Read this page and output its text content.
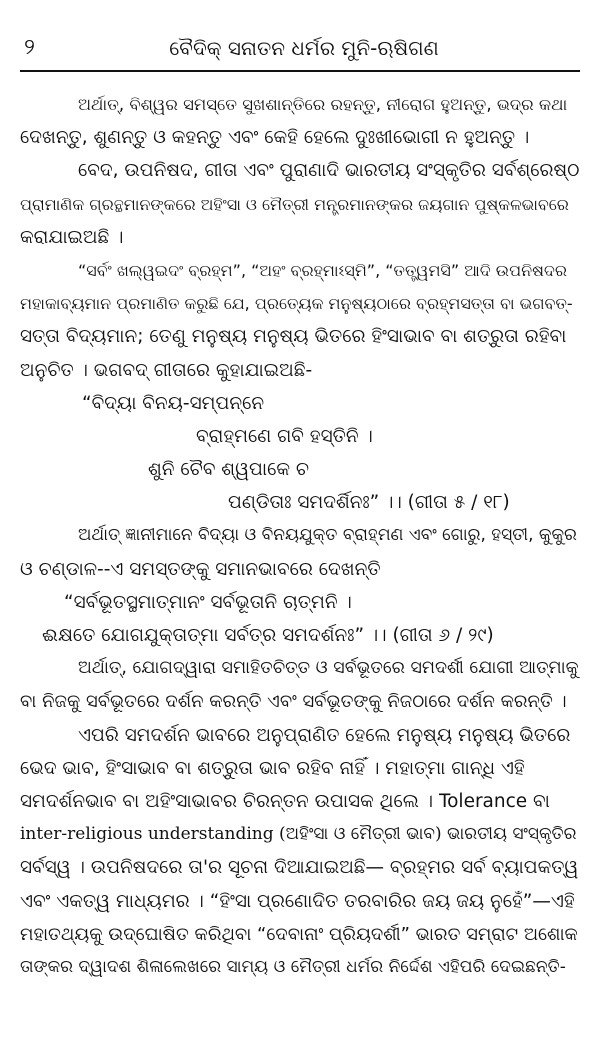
୨	ବୈଦିକ୍ ସନାତନ ଧର୍ମର ମୁନି-ଋଷିଗଣ
ଅର୍ଥାତ୍, ବିଶ୍ୱର ସମସ୍ତେ ସୁଖଶାନ୍ତିରେ ରହନ୍ତୁ, ନୀରୋଗ ହୁଅନ୍ତୁ, ଭଦ୍ର କଥା
ଦେଖନ୍ତୁ, ଶୁଣନ୍ତୁ ଓ କହନ୍ତୁ ଏବଂ କେହି ହେଲେ ଦୁଃଖୀଭୋଗୀ ନ ହୁଅନ୍ତୁ ।
ବେଦ, ଉପନିଷଦ, ଗୀତା ଏବଂ ପୁରାଣାଦି ଭାରତୀୟ ସଂସ୍କୃତିର ସର୍ବଶ୍ରେଷ୍ଠ
ପ୍ରାମାଣିକ ଗ୍ରନ୍ଥମାନଙ୍କରେ ଅହିଂସା ଓ ମୈତ୍ରୀ ମନ୍ତ୍ରମାନଙ୍କର ଜୟଗାନ ପୁଷ୍କଳଭାବରେ
କରାଯାଇଅଛି ।
“ସର୍ବଂ ଖଲ୍ୱଇଦଂ ବ୍ରହ୍ମ”, “ଅହଂ ବ୍ରହ୍ମାଽସ୍ମି”, “ତତ୍ତ୍ୱମସି” ଆଦି ଉପନିଷଦର
ମହାକାବ୍ୟମାନ ପ୍ରମାଣିତ କରୁଛି ଯେ, ପ୍ରତ୍ୟେକ ମନୁଷ୍ୟଠାରେ ବ୍ରହ୍ମସତ୍ତା ବା ଭଗବତ୍-
ସତ୍ତା ବିଦ୍ୟମାନ; ତେଣୁ ମନୁଷ୍ୟ ମନୁଷ୍ୟ ଭିତରେ ହିଂସାଭାବ ବା ଶତ୍ରୁତା ରହିବା
ଅନୁଚିତ । ଭଗବଦ୍ ଗୀତାରେ କୁହାଯାଇଅଛି-
“ବିଦ୍ୟା ବିନୟ-ସମ୍ପନ୍ନେ
ବ୍ରାହ୍ମଣେ ଗବି ହସ୍ତିନି ।
ଶୁନି ଚୈବ ଶ୍ୱପାକେ ଚ
ପଣ୍ଡିତାଃ ସମଦର୍ଶିନଃ” ।। (ଗୀତା ୫ / ୧୮)
ଅର୍ଥାତ୍ ଜ୍ଞାନୀମାନେ ବିଦ୍ୟା ଓ ବିନୟଯୁକ୍ତ ବ୍ରାହ୍ମଣ ଏବଂ ଗୋରୁ, ହସ୍ତୀ, କୁକୁର
ଓ ଚଣ୍ଡାଳ--ଏ ସମସ୍ତଙ୍କୁ ସମାନଭାବରେ ଦେଖନ୍ତି
“ସର୍ବଭୂତସ୍ଥମାତ୍ମାନଂ ସର୍ବଭୂତାନି ଚାତ୍ମନି ।
ଈକ୍ଷତେ ଯୋଗଯୁକ୍ତାତ୍ମା ସର୍ବତ୍ର ସମଦର୍ଶନଃ” ।। (ଗୀତା ୬ / ୨୯)
ଅର୍ଥାତ୍, ଯୋଗଦ୍ୱାରା ସମାହିତଚିତ୍ତ ଓ ସର୍ବଭୂତରେ ସମଦର୍ଶୀ ଯୋଗୀ ଆତ୍ମାକୁ
ବା ନିଜକୁ ସର୍ବଭୂତରେ ଦର୍ଶନ କରନ୍ତି ଏବଂ ସର୍ବଭୂତଙ୍କୁ ନିଜଠାରେ ଦର୍ଶନ କରନ୍ତି ।
ଏପରି ସମଦର୍ଶନ ଭାବରେ ଅନୁପ୍ରାଣିତ ହେଲେ ମନୁଷ୍ୟ ମନୁଷ୍ୟ ଭିତରେ
ଭେଦ ଭାବ, ହିଂସାଭାବ ବା ଶତ୍ରୁତା ଭାବ ରହିବ ନାହିଁ । ମହାତ୍ମା ଗାନ୍ଧି ଏହି
ସମଦର୍ଶନଭାବ ବା ଅହିଂସାଭାବର ଚିରନ୍ତନ ଉପାସକ ଥିଲେ । Tolerance ବା
inter-religious understanding (ଅହିଂସା ଓ ମୈତ୍ରୀ ଭାବ) ଭାରତୀୟ ସଂସ୍କୃତିର
ସର୍ବସ୍ୱ । ଉପନିଷଦରେ ତା'ର ସୂଚନା ଦିଆଯାଇଅଛି— ବ୍ରହ୍ମର ସର୍ବ ବ୍ୟାପକତ୍ୱ
ଏବଂ ଏକତ୍ୱ ମାଧ୍ୟମର । “ହିଂସା ପ୍ରଣୋଦିତ ତରବାରିର ଜୟ ଜୟ ନୁହେଁ”—ଏହି
ମହାତଥ୍ୟକୁ ଉଦ୍‌ଘୋଷିତ କରିଥିବା “ଦେବାନାଂ ପ୍ରିୟଦର୍ଶୀ” ଭାରତ ସମ୍ରାଟ ଅଶୋକ
ତାଙ୍କର ଦ୍ୱାଦଶ ଶିଳାଲେଖରେ ସାମ୍ୟ ଓ ମୈତ୍ରୀ ଧର୍ମର ନିର୍ଦ୍ଦେଶ ଏହିପରି ଦେଇଛନ୍ତି-
